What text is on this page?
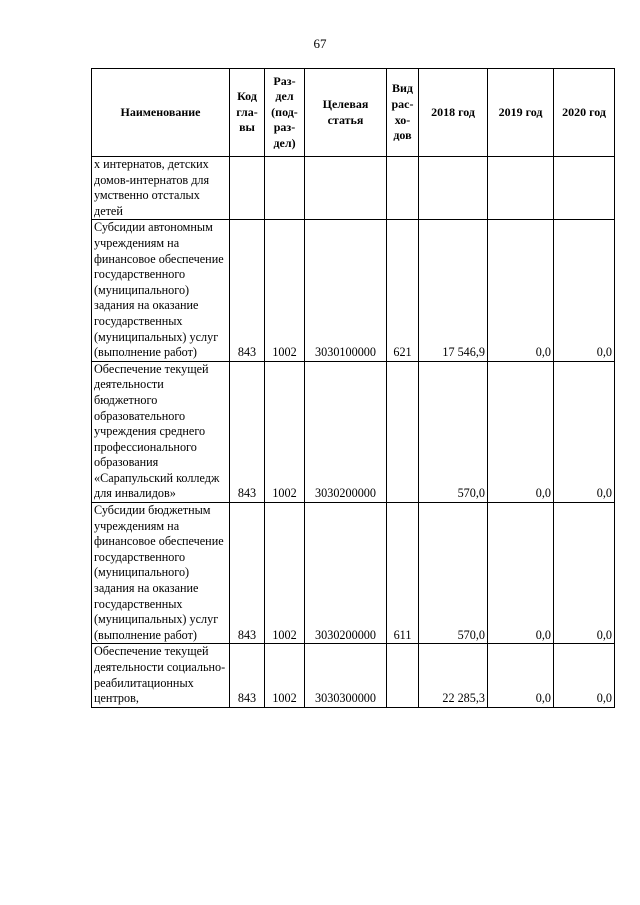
67
Наименование	Код гла- вы	Раз- дел (под- раз- дел)	Целевая статья	Вид рас- хо- дов	2018 год	2019 год	2020 год
х интернатов, детских домов-интернатов для умственно отсталых детей							
Субсидии автономным учреждениям на финансовое обеспечение государственного (муниципального) задания на оказание государственных (муниципальных) услуг (выполнение работ)	843	1002	3030100000	621	17 546,9	0,0	0,0
Обеспечение текущей деятельности бюджетного образовательного учреждения среднего профессионального образования «Сарапульский колледж для инвалидов»	843	1002	3030200000		570,0	0,0	0,0
Субсидии бюджетным учреждениям на финансовое обеспечение государственного (муниципального) задания на оказание государственных (муниципальных) услуг (выполнение работ)	843	1002	3030200000	611	570,0	0,0	0,0
Обеспечение текущей деятельности социально-реабилитационных центров,	843	1002	3030300000		22 285,3	0,0	0,0
